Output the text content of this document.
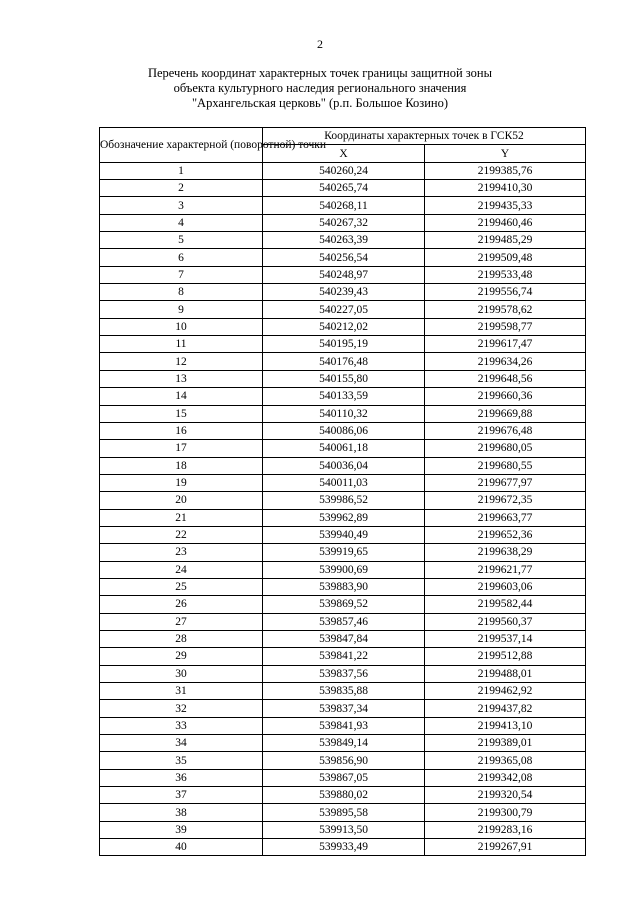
2
Перечень координат характерных точек границы защитной зоны
объекта культурного наследия регионального значения
"Архангельская церковь" (р.п. Большое Козино)
Обозначение характерной (поворотной) точки	Координаты характерных точек в ГСК52	
	X	Y
1	540260,24	2199385,76
2	540265,74	2199410,30
3	540268,11	2199435,33
4	540267,32	2199460,46
5	540263,39	2199485,29
6	540256,54	2199509,48
7	540248,97	2199533,48
8	540239,43	2199556,74
9	540227,05	2199578,62
10	540212,02	2199598,77
11	540195,19	2199617,47
12	540176,48	2199634,26
13	540155,80	2199648,56
14	540133,59	2199660,36
15	540110,32	2199669,88
16	540086,06	2199676,48
17	540061,18	2199680,05
18	540036,04	2199680,55
19	540011,03	2199677,97
20	539986,52	2199672,35
21	539962,89	2199663,77
22	539940,49	2199652,36
23	539919,65	2199638,29
24	539900,69	2199621,77
25	539883,90	2199603,06
26	539869,52	2199582,44
27	539857,46	2199560,37
28	539847,84	2199537,14
29	539841,22	2199512,88
30	539837,56	2199488,01
31	539835,88	2199462,92
32	539837,34	2199437,82
33	539841,93	2199413,10
34	539849,14	2199389,01
35	539856,90	2199365,08
36	539867,05	2199342,08
37	539880,02	2199320,54
38	539895,58	2199300,79
39	539913,50	2199283,16
40	539933,49	2199267,91
